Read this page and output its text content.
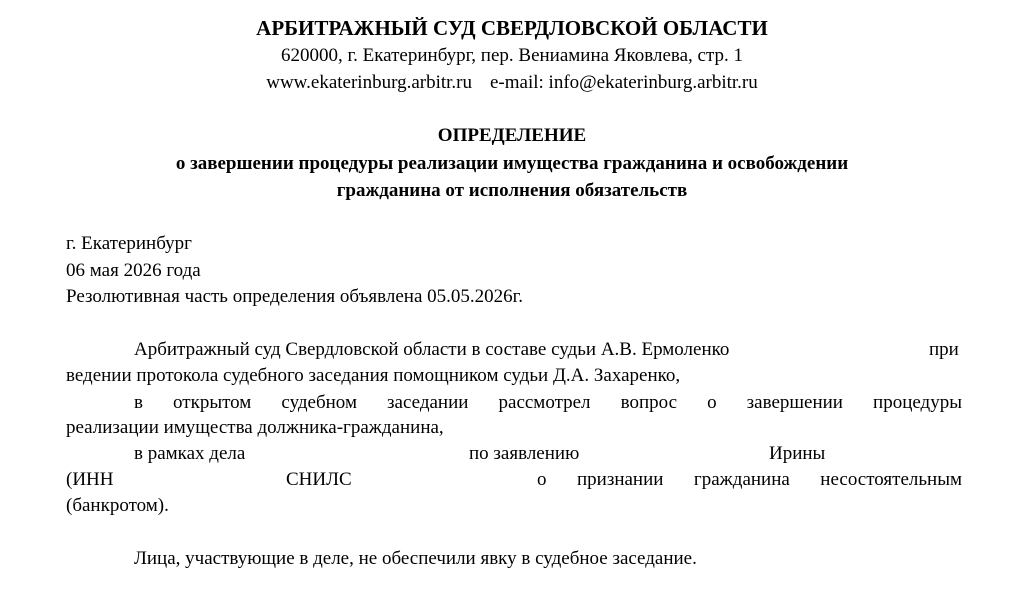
АРБИТРАЖНЫЙ СУД СВЕРДЛОВСКОЙ ОБЛАСТИ
620000, г. Екатеринбург, пер. Вениамина Яковлева, стр. 1
www.ekaterinburg.arbitr.ru e-mail: info@ekaterinburg.arbitr.ru
ОПРЕДЕЛЕНИЕ
о завершении процедуры реализации имущества гражданина и освобождении
гражданина от исполнения обязательств
г. Екатеринбург
06 мая 2026 года
Резолютивная часть определения объявлена 05.05.2026г.
Арбитражный суд Свердловской области в составе судьи А.В. Ермоленко	при
ведении протокола судебного заседания помощником судьи Д.А. Захаренко,
в открытом судебном заседании рассмотрел вопрос о завершении процедуры
реализации имущества должника-гражданина,
в рамках дела	по заявлению	Ирины
(ИНН	СНИЛС	о признании гражданина несостоятельным
(банкротом).
Лица, участвующие в деле, не обеспечили явку в судебное заседание.
